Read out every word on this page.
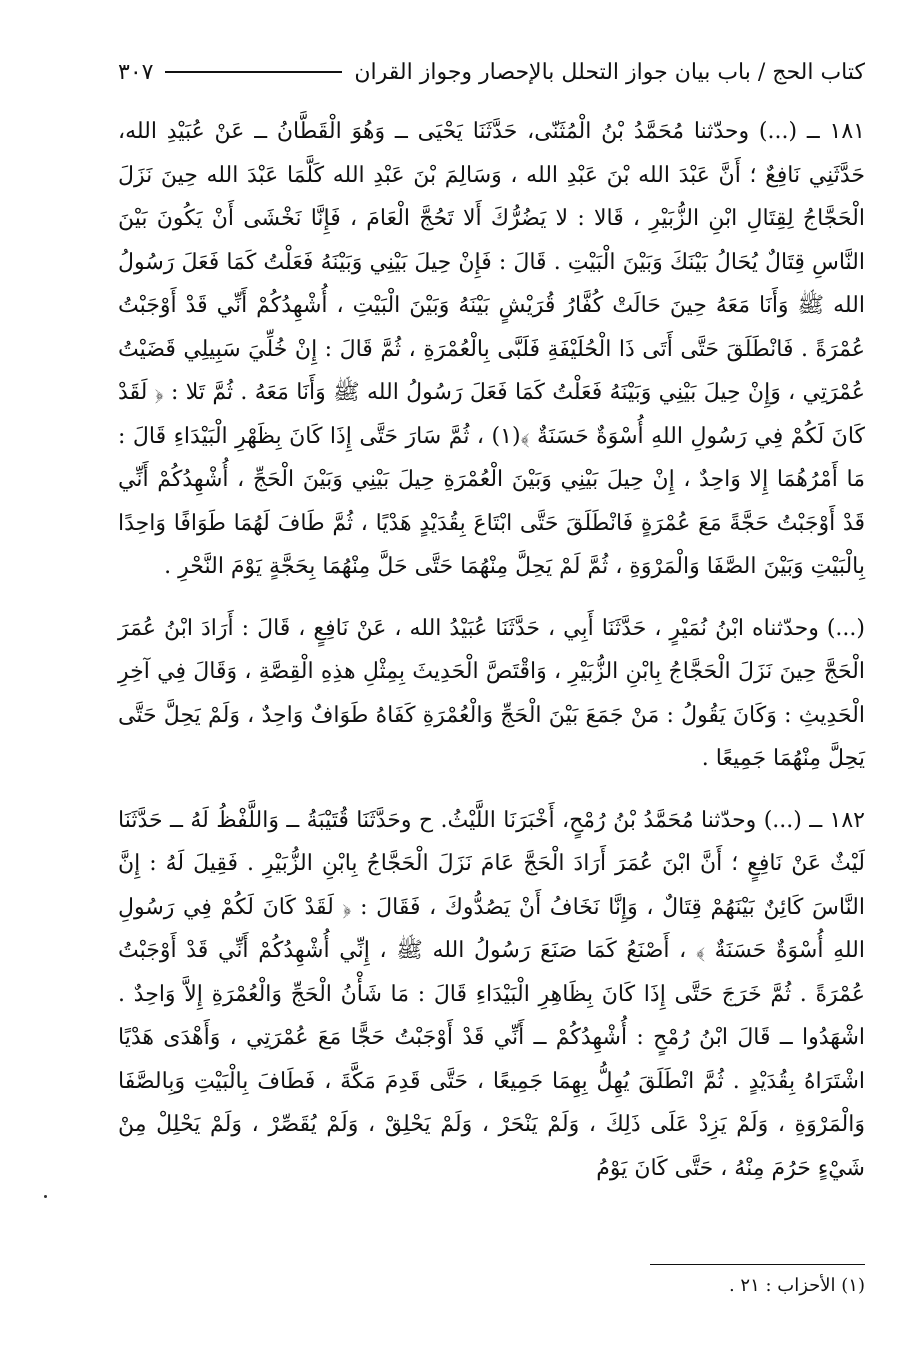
كتاب الحج / باب بيان جواز التحلل بالإحصار وجواز القران
٣٠٧

١٨١ ــ (...) وحدّثنا مُحَمَّدُ بْنُ الْمُثَنّى، حَدَّثَنَا يَحْيَى ــ وَهُوَ الْقَطَّانُ ــ عَنْ عُبَيْدِ الله، حَدَّثَنِي نَافِعٌ ؛ أَنَّ عَبْدَ الله بْنَ عَبْدِ الله ، وَسَالِمَ بْنَ عَبْدِ الله كَلَّمَا عَبْدَ الله حِينَ نَزَلَ الْحَجَّاجُ لِقِتَالِ ابْنِ الزُّبَيْرِ ، قَالا : لا يَضُرُّكَ أَلا تَحُجَّ الْعَامَ ، فَإِنَّا نَخْشَى أَنْ يَكُونَ بَيْنَ النَّاسِ قِتَالٌ يُحَالُ بَيْنَكَ وَبَيْنَ الْبَيْتِ . قَالَ : فَإِنْ حِيلَ بَيْنِي وَبَيْنَهُ فَعَلْتُ كَمَا فَعَلَ رَسُولُ الله ﷺ وَأَنَا مَعَهُ حِينَ حَالَتْ كُفَّارُ قُرَيْشٍ بَيْنَهُ وَبَيْنَ الْبَيْتِ ، أُشْهِدُكُمْ أَنِّي قَدْ أَوْجَبْتُ عُمْرَةً . فَانْطَلَقَ حَتَّى أَتَى ذَا الْحُلَيْفَةِ فَلَبَّى بِالْعُمْرَةِ ، ثُمَّ قَالَ : إِنْ خُلِّيَ سَبِيلِي قَضَيْتُ عُمْرَتِي ، وَإِنْ حِيلَ بَيْنِي وَبَيْنَهُ فَعَلْتُ كَمَا فَعَلَ رَسُولُ الله ﷺ وَأَنَا مَعَهُ . ثُمَّ تَلا : ﴿ لَقَدْ كَانَ لَكُمْ فِي رَسُولِ اللهِ أُسْوَةٌ حَسَنَةٌ ﴾(١) ، ثُمَّ سَارَ حَتَّى إِذَا كَانَ بِظَهْرِ الْبَيْدَاءِ قَالَ : مَا أَمْرُهُمَا إِلا وَاحِدٌ ، إِنْ حِيلَ بَيْنِي وَبَيْنَ الْعُمْرَةِ حِيلَ بَيْنِي وَبَيْنَ الْحَجِّ ، أُشْهِدُكُمْ أَنِّي قَدْ أَوْجَبْتُ حَجَّةً مَعَ عُمْرَةٍ فَانْطَلَقَ حَتَّى ابْتَاعَ بِقُدَيْدٍ هَدْيًا ، ثُمَّ طَافَ لَهُمَا طَوَافًا وَاحِدًا بِالْبَيْتِ وَبَيْنَ الصَّفَا وَالْمَرْوَةِ ، ثُمَّ لَمْ يَحِلَّ مِنْهُمَا حَتَّى حَلَّ مِنْهُمَا بِحَجَّةٍ يَوْمَ النَّحْرِ .

(...) وحدّثناه ابْنُ نُمَيْرٍ ، حَدَّثَنَا أَبِي ، حَدَّثَنَا عُبَيْدُ الله ، عَنْ نَافِعٍ ، قَالَ : أَرَادَ ابْنُ عُمَرَ الْحَجَّ حِينَ نَزَلَ الْحَجَّاجُ بِابْنِ الزُّبَيْرِ ، وَاقْتَصَّ الْحَدِيثَ بِمِثْلِ هذِهِ الْقِصَّةِ ، وَقَالَ فِي آخِرِ الْحَدِيثِ : وَكَانَ يَقُولُ : مَنْ جَمَعَ بَيْنَ الْحَجِّ وَالْعُمْرَةِ كَفَاهُ طَوَافٌ وَاحِدٌ ، وَلَمْ يَحِلَّ حَتَّى يَحِلَّ مِنْهُمَا جَمِيعًا .

١٨٢ ــ (...) وحدّثنا مُحَمَّدُ بْنُ رُمْحٍ، أَخْبَرَنَا اللَّيْثُ. ح وحَدَّثَنَا قُتَيْبَةُ ــ وَاللَّفْظُ لَهُ ــ حَدَّثَنَا لَيْثٌ عَنْ نَافِعٍ ؛ أَنَّ ابْنَ عُمَرَ أَرَادَ الْحَجَّ عَامَ نَزَلَ الْحَجَّاجُ بِابْنِ الزُّبَيْرِ . فَقِيلَ لَهُ : إِنَّ النَّاسَ كَائِنٌ بَيْنَهُمْ قِتَالٌ ، وَإِنَّا نَخَافُ أَنْ يَصُدُّوكَ ، فَقَالَ : ﴿ لَقَدْ كَانَ لَكُمْ فِي رَسُولِ اللهِ أُسْوَةٌ حَسَنَةٌ ﴾ ، أَصْنَعُ كَمَا صَنَعَ رَسُولُ الله ﷺ ، إِنِّي أُشْهِدُكُمْ أَنِّي قَدْ أَوْجَبْتُ عُمْرَةً . ثُمَّ خَرَجَ حَتَّى إِذَا كَانَ بِظَاهِرِ الْبَيْدَاءِ قَالَ : مَا شَأْنُ الْحَجِّ وَالْعُمْرَةِ إِلاَّ وَاحِدٌ . اشْهَدُوا ــ قَالَ ابْنُ رُمْحٍ : أُشْهِدُكُمْ ــ أَنِّي قَدْ أَوْجَبْتُ حَجًّا مَعَ عُمْرَتِي ، وَأَهْدَى هَدْيًا اشْتَرَاهُ بِقُدَيْدٍ . ثُمَّ انْطَلَقَ يُهِلُّ بِهِمَا جَمِيعًا ، حَتَّى قَدِمَ مَكَّةَ ، فَطَافَ بِالْبَيْتِ وَبِالصَّفَا وَالْمَرْوَةِ ، وَلَمْ يَزِدْ عَلَى ذَلِكَ ، وَلَمْ يَنْحَرْ ، وَلَمْ يَحْلِقْ ، وَلَمْ يُقَصِّرْ ، وَلَمْ يَحْلِلْ مِنْ شَيْءٍ حَرُمَ مِنْهُ ، حَتَّى كَانَ يَوْمُ

(١) الأحزاب : ٢١ .
